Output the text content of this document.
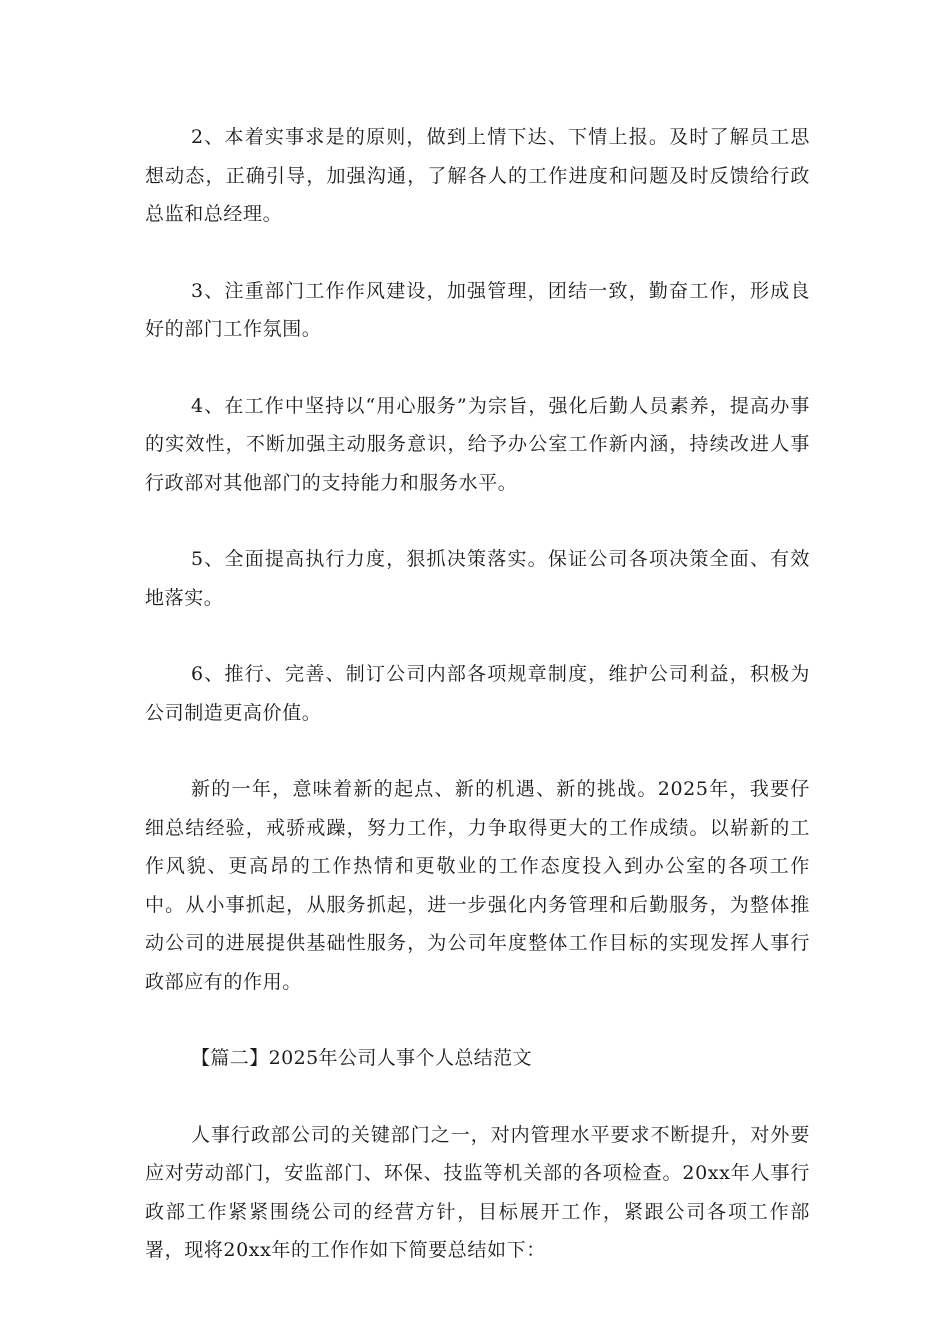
2、本着实事求是的原则，做到上情下达、下情上报。及时了解员工思想动态，正确引导，加强沟通，了解各人的工作进度和问题及时反馈给行政总监和总经理。

3、注重部门工作作风建设，加强管理，团结一致，勤奋工作，形成良好的部门工作氛围。

4、在工作中坚持以“用心服务”为宗旨，强化后勤人员素养，提高办事的实效性，不断加强主动服务意识，给予办公室工作新内涵，持续改进人事行政部对其他部门的支持能力和服务水平。

5、全面提高执行力度，狠抓决策落实。保证公司各项决策全面、有效地落实。

6、推行、完善、制订公司内部各项规章制度，维护公司利益，积极为公司制造更高价值。

新的一年，意味着新的起点、新的机遇、新的挑战。2025年，我要仔细总结经验，戒骄戒躁，努力工作，力争取得更大的工作成绩。以崭新的工作风貌、更高昂的工作热情和更敬业的工作态度投入到办公室的各项工作中。从小事抓起，从服务抓起，进一步强化内务管理和后勤服务，为整体推动公司的进展提供基础性服务，为公司年度整体工作目标的实现发挥人事行政部应有的作用。

【篇二】2025年公司人事个人总结范文

人事行政部公司的关键部门之一，对内管理水平要求不断提升，对外要应对劳动部门，安监部门、环保、技监等机关部的各项检查。20xx年人事行政部工作紧紧围绕公司的经营方针，目标展开工作，紧跟公司各项工作部署，现将20xx年的工作作如下简要总结如下：
